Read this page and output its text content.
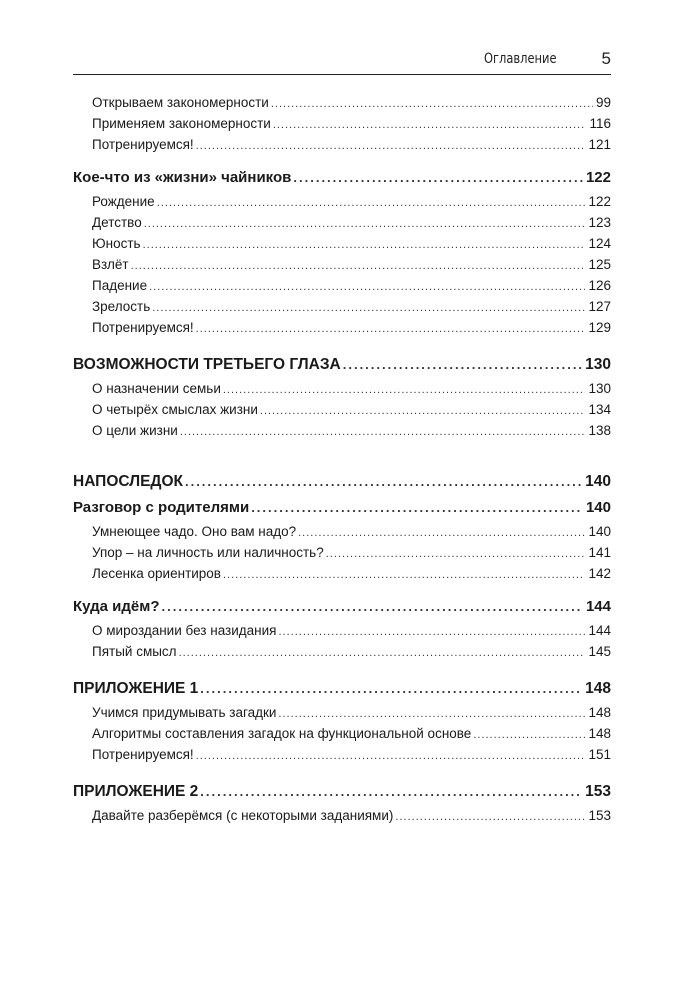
Оглавление	5
Открываем закономерности .....	99
Применяем закономерности .....	116
Потренируемся! .....	121
Кое-что из «жизни» чайников .....	122
Рождение .....	122
Детство .....	123
Юность .....	124
Взлёт .....	125
Падение .....	126
Зрелость .....	127
Потренируемся! .....	129
ВОЗМОЖНОСТИ ТРЕТЬЕГО ГЛАЗА .....	130
О назначении семьи .....	130
О четырёх смыслах жизни .....	134
О цели жизни .....	138
НАПОСЛЕДОК .....	140
Разговор с родителями .....	140
Умнеющее чадо. Оно вам надо? .....	140
Упор – на личность или наличность? .....	141
Лесенка ориентиров .....	142
Куда идём? .....	144
О мироздании без назидания .....	144
Пятый смысл .....	145
ПРИЛОЖЕНИЕ 1 .....	148
Учимся придумывать загадки .....	148
Алгоритмы составления загадок на функциональной основе .....	148
Потренируемся! .....	151
ПРИЛОЖЕНИЕ 2 .....	153
Давайте разберёмся (с некоторыми заданиями) .....	153
